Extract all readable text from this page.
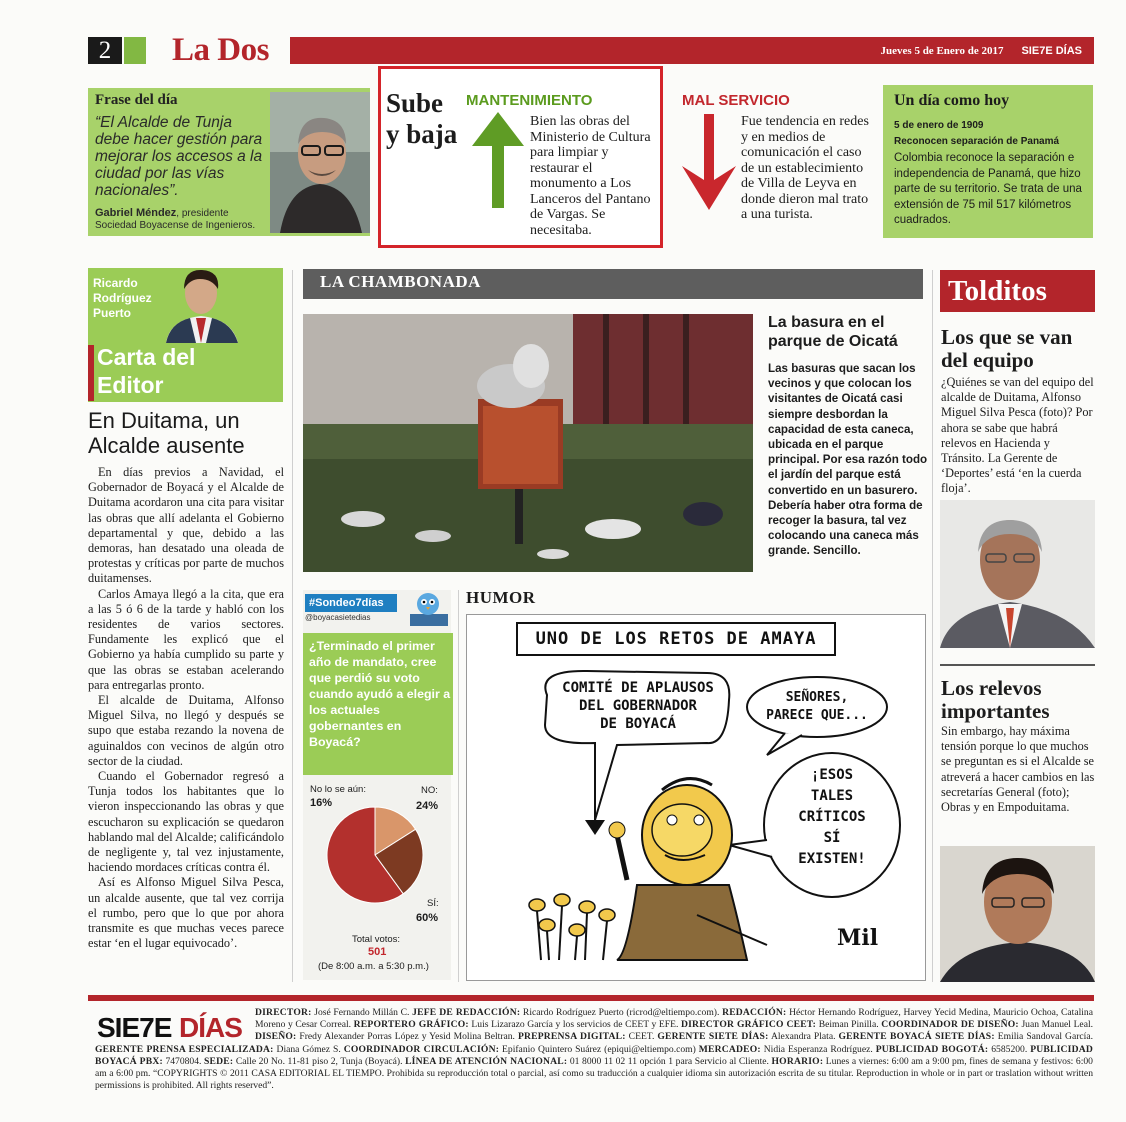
2	La Dos	Jueves 5 de Enero de 2017 SIE7E DÍAS
Frase del día
“El Alcalde de Tunja debe hacer gestión para mejorar los accesos a la ciudad por las vías nacionales”.
Gabriel Méndez, presidente
Sociedad Boyacense de Ingenieros.
Sube
y baja
MANTENIMIENTO
Bien las obras del Ministerio de Cultura para limpiar y restaurar el monumento a Los Lanceros del Pantano de Vargas. Se necesitaba.
MAL SERVICIO
Fue tendencia en redes y en medios de comunicación el caso de un establecimiento de Villa de Leyva en donde dieron mal trato a una turista.
Un día como hoy
5 de enero de 1909
Reconocen separación de Panamá
Colombia reconoce la separación e independencia de Panamá, que hizo parte de su territorio. Se trata de una extensión de 75 mil 517 kilómetros cuadrados.
Ricardo
Rodríguez
Puerto
Carta del
Editor
En Duitama, un Alcalde ausente

En días previos a Navidad, el Gobernador de Boyacá y el Alcalde de Duitama acordaron una cita para visitar las obras que allí adelanta el Gobierno departamental y que, debido a las demoras, han desatado una oleada de protestas y críticas por parte de muchos duitamenses.

Carlos Amaya llegó a la cita, que era a las 5 ó 6 de la tarde y habló con los residentes de varios sectores. Fundamente les explicó que el Gobierno ya había cumplido su parte y que las obras se estaban acelerando para entregarlas pronto.

El alcalde de Duitama, Alfonso Miguel Silva, no llegó y después se supo que estaba rezando la novena de aguinaldos con vecinos de algún otro sector de la ciudad.

Cuando el Gobernador regresó a Tunja todos los habitantes que lo vieron inspeccionando las obras y que escucharon su explicación se quedaron hablando mal del Alcalde; calificándolo de negligente y, tal vez injustamente, haciendo mordaces críticas contra él.

Así es Alfonso Miguel Silva Pesca, un alcalde ausente, que tal vez corrija el rumbo, pero que lo que por ahora transmite es que muchas veces parece estar ‘en el lugar equivocado’.

LA CHAMBONADA
La basura en el parque de Oicatá
Las basuras que sacan los vecinos y que colocan los visitantes de Oicatá casi siempre desbordan la capacidad de esta caneca, ubicada en el parque principal. Por esa razón todo el jardín del parque está convertido en un basurero. Debería haber otra forma de recoger la basura, tal vez colocando una caneca más grande. Sencillo.
#Sondeo7días
@boyacasietedias
¿Terminado el primer año de mandato, cree que perdió su voto cuando ayudó a elegir a los actuales gobernantes en Boyacá?
No lo se aún:
16%
NO:
24%
SÍ:
60%
Total votos:
501
(De 8:00 a.m. a 5:30 p.m.)
HUMOR
UNO DE LOS RETOS DE AMAYA
COMITÉ DE APLAUSOS
DEL GOBERNADOR
DE BOYACÁ
SEÑORES,
PARECE QUE...
¡ESOS
TALES
CRÍTICOS
SÍ
EXISTEN!
Mil
Tolditos
Los que se van del equipo
¿Quiénes se van del equipo del alcalde de Duitama, Alfonso Miguel Silva Pesca (foto)? Por ahora se sabe que habrá relevos en Hacienda y Tránsito. La Gerente de ‘Deportes’ está ‘en la cuerda floja’.
Los relevos importantes
Sin embargo, hay máxima tensión porque lo que muchos se preguntan es si el Alcalde se atreverá a hacer cambios en las secretarías General (foto); Obras y en Empoduitama.
SIE7E DÍAS DIRECTOR: José Fernando Millán C. JEFE DE REDACCIÓN: Ricardo Rodríguez Puerto (ricrod@eltiempo.com). REDACCIÓN: Héctor Hernando Rodríguez, Harvey Yecid Medina, Mauricio Ochoa, Catalina Moreno y Cesar Correal. REPORTERO GRÁFICO: Luis Lizarazo García y los servicios de CEET y EFE. DIRECTOR GRÁFICO CEET: Beiman Pinilla. COORDINADOR DE DISEÑO: Juan Manuel Leal. DISEÑO: Fredy Alexander Porras López y Yesid Molina Beltran. PREPRENSA DIGITAL: CEET. GERENTE SIETE DÍAS: Alexandra Plata. GERENTE BOYACÁ SIETE DÍAS: Emilia Sandoval García. GERENTE PRENSA ESPECIALIZADA: Diana Gómez S. COORDINADOR CIRCULACIÓN: Epifanio Quintero Suárez (epiqui@eltiempo.com) MERCADEO: Nidia Esperanza Rodríguez. PUBLICIDAD BOGOTÁ: 6585200. PUBLICIDAD BOYACÁ PBX: 7470804. SEDE: Calle 20 No. 11-81 piso 2, Tunja (Boyacá). LÍNEA DE ATENCIÓN NACIONAL: 01 8000 11 02 11 opción 1 para Servicio al Cliente. HORARIO: Lunes a viernes: 6:00 am a 9:00 pm, fines de semana y festivos: 6:00 am a 6:00 pm. “COPYRIGHTS © 2011 CASA EDITORIAL EL TIEMPO. Prohibida su reproducción total o parcial, así como su traducción a cualquier idioma sin autorización escrita de su titular. Reproduction in whole or in part or traslation without written permissions is prohibited. All rights reserved”.
